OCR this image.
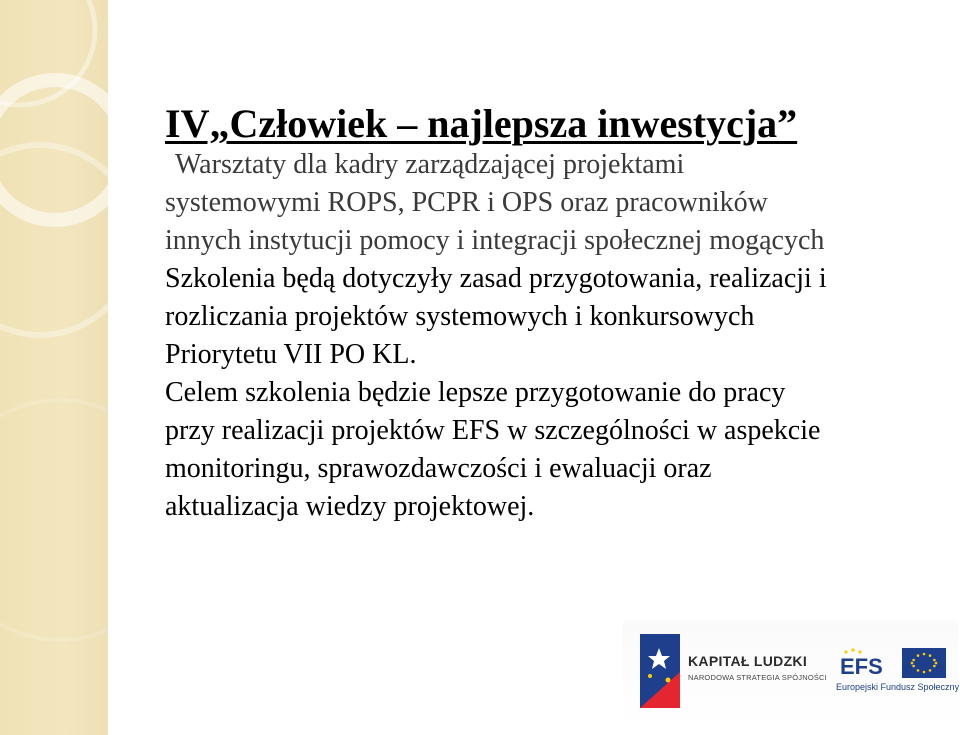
IV„Człowiek – najlepsza inwestycja”
Warsztaty dla kadry zarządzającej projektami
systemowymi ROPS, PCPR i OPS oraz pracowników
innych instytucji pomocy i integracji społecznej mogących
Szkolenia będą dotyczyły zasad przygotowania, realizacji i
rozliczania projektów systemowych i konkursowych
Priorytetu VII PO KL.
Celem szkolenia będzie lepsze przygotowanie do pracy
przy realizacji projektów EFS w szczególności w aspekcie
monitoringu, sprawozdawczości i ewaluacji oraz
aktualizacja wiedzy projektowej.
KAPITAŁ LUDZKI
NARODOWA STRATEGIA SPÓJNOŚCI EFS
Europejski Fundusz Społeczny
